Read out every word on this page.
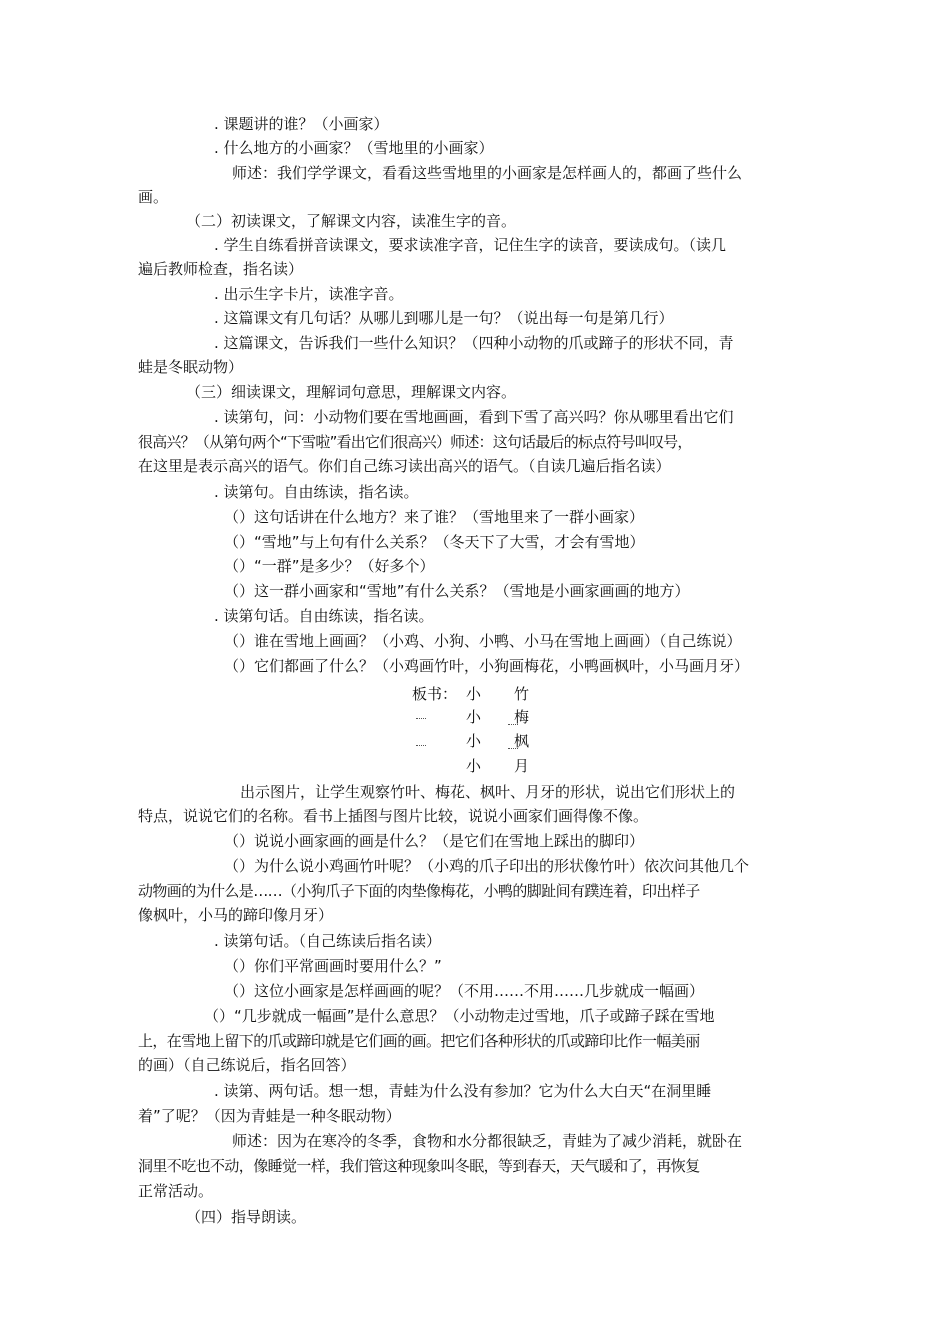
. 课题讲的谁？（小画家）
. 什么地方的小画家？（雪地里的小画家）
师述：我们学学课文，看看这些雪地里的小画家是怎样画人的，都画了些什么
画。
（二）初读课文，了解课文内容，读准生字的音。
. 学生自练看拼音读课文，要求读准字音，记住生字的读音，要读成句。（读几
遍后教师检查，指名读）
. 出示生字卡片，读准字音。
. 这篇课文有几句话？从哪儿到哪儿是一句？（说出每一句是第几行）
. 这篇课文，告诉我们一些什么知识？（四种小动物的爪或蹄子的形状不同，青
蛙是冬眠动物）
（三）细读课文，理解词句意思，理解课文内容。
. 读第句，问：小动物们要在雪地画画，看到下雪了高兴吗？你从哪里看出它们
很高兴？（从第句两个“下雪啦”看出它们很高兴）师述：这句话最后的标点符号叫叹号，
在这里是表示高兴的语气。你们自己练习读出高兴的语气。（自读几遍后指名读）
. 读第句。自由练读，指名读。
（）这句话讲在什么地方？来了谁？（雪地里来了一群小画家）
（）“雪地”与上句有什么关系？（冬天下了大雪，才会有雪地）
（）“一群”是多少？（好多个）
（）这一群小画家和“雪地”有什么关系？（雪地是小画家画画的地方）
. 读第句话。自由练读，指名读。
（）谁在雪地上画画？（小鸡、小狗、小鸭、小马在雪地上画画）（自己练说）
（）它们都画了什么？（小鸡画竹叶，小狗画梅花，小鸭画枫叶，小马画月牙）
板书： 小
小
小
小
竹
梅
枫
月
出示图片，让学生观察竹叶、梅花、枫叶、月牙的形状，说出它们形状上的
特点，说说它们的名称。看书上插图与图片比较，说说小画家们画得像不像。
（）说说小画家画的画是什么？（是它们在雪地上踩出的脚印）
（）为什么说小鸡画竹叶呢？（小鸡的爪子印出的形状像竹叶）依次问其他几个
动物画的为什么是……（小狗爪子下面的肉垫像梅花，小鸭的脚趾间有蹼连着，印出样子
像枫叶，小马的蹄印像月牙）
. 读第句话。（自己练读后指名读）
（）你们平常画画时要用什么？”
（）这位小画家是怎样画画的呢？（不用……不用……几步就成一幅画）
（）“几步就成一幅画”是什么意思？（小动物走过雪地，爪子或蹄子踩在雪地
上，在雪地上留下的爪或蹄印就是它们画的画。把它们各种形状的爪或蹄印比作一幅美丽
的画）（自己练说后，指名回答）
. 读第、两句话。想一想，青蛙为什么没有参加？它为什么大白天“在洞里睡
着”了呢？（因为青蛙是一种冬眠动物）
师述：因为在寒冷的冬季，食物和水分都很缺乏，青蛙为了减少消耗，就卧在
洞里不吃也不动，像睡觉一样，我们管这种现象叫冬眠，等到春天，天气暖和了，再恢复
正常活动。
（四）指导朗读。
